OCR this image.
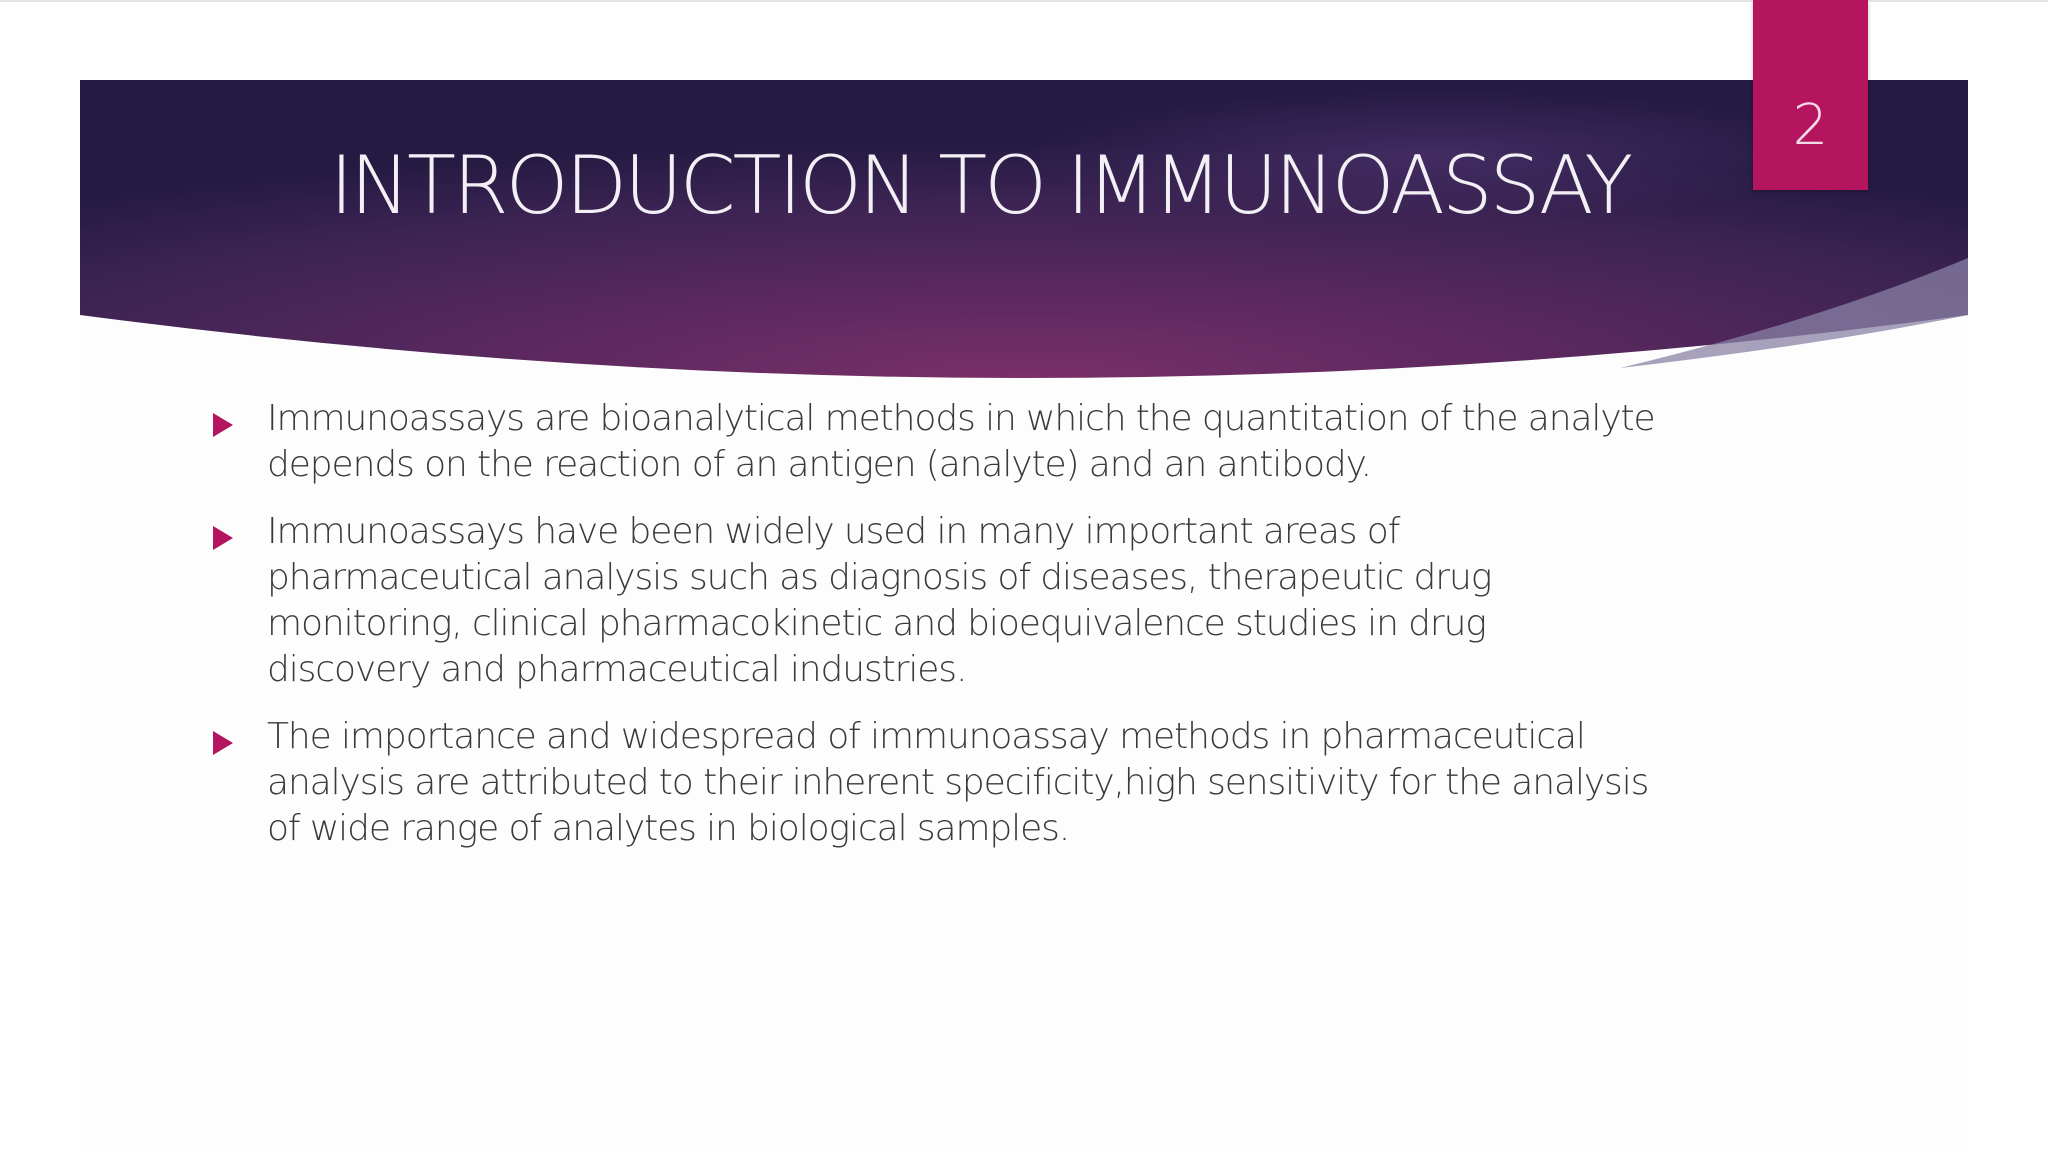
2
INTRODUCTION TO IMMUNOASSAY
Immunoassays are bioanalytical methods in which the quantitation of the analyte
depends on the reaction of an antigen (analyte) and an antibody.
Immunoassays have been widely used in many important areas of
pharmaceutical analysis such as diagnosis of diseases, therapeutic drug
monitoring, clinical pharmacokinetic and bioequivalence studies in drug
discovery and pharmaceutical industries.
The importance and widespread of immunoassay methods in pharmaceutical
analysis are attributed to their inherent specificity,high sensitivity for the analysis
of wide range of analytes in biological samples.
